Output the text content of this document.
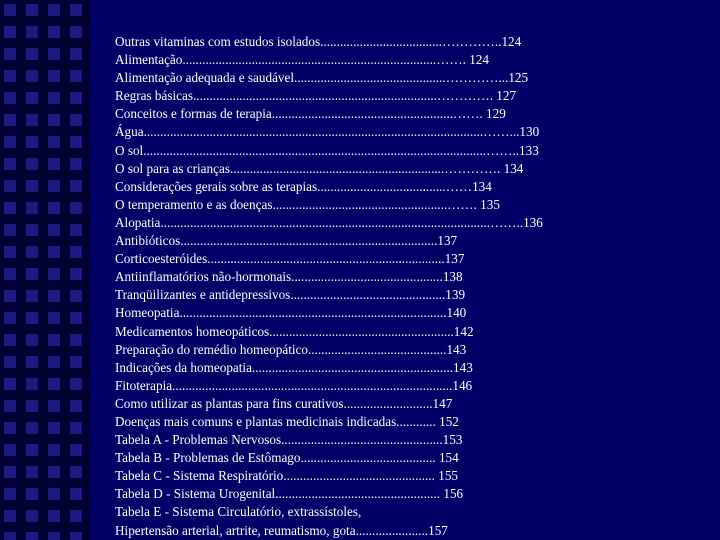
Outras vitaminas com estudos isolados.....................................…………..124
Alimentação.............................................................................……. 124
Alimentação adequada e saudável..............................................…………...125
Regras básicas..........................................................................…………. 127
Conceitos e formas de terapia.......................................................……. 129
Água.......................................................................................................……...130
O sol........................................................................................................……..133
O sol para as crianças.................................................................…………. 134
Considerações gerais sobre as terapias.......................................……134
O temperamento e as doenças.....................................................……. 135
Alopatia....................................................................................................……..136
Antibióticos..............................................................................137
Corticoesteróides........................................................................137
Antiinflamatórios não-hormonais..............................................138
Tranqüilizantes e antidepressivos...............................................139
Homeopatia.................................................................................140
Medicamentos homeopáticos........................................................142
Preparação do remédio homeopático..........................................143
Indicações da homeopatia.............................................................143
Fitoterapia.....................................................................................146
Como utilizar as plantas para fins curativos...........................147
Doenças mais comuns e plantas medicinais indicadas............ 152
Tabela A - Problemas Nervosos.................................................153
Tabela B - Problemas de Estômago......................................... 154
Tabela C - Sistema Respiratório.............................................. 155
Tabela D - Sistema Urogenital.................................................. 156
Tabela E - Sistema Circulatório, extrassístoles,
Hipertensão arterial, artrite, reumatismo, gota......................157
